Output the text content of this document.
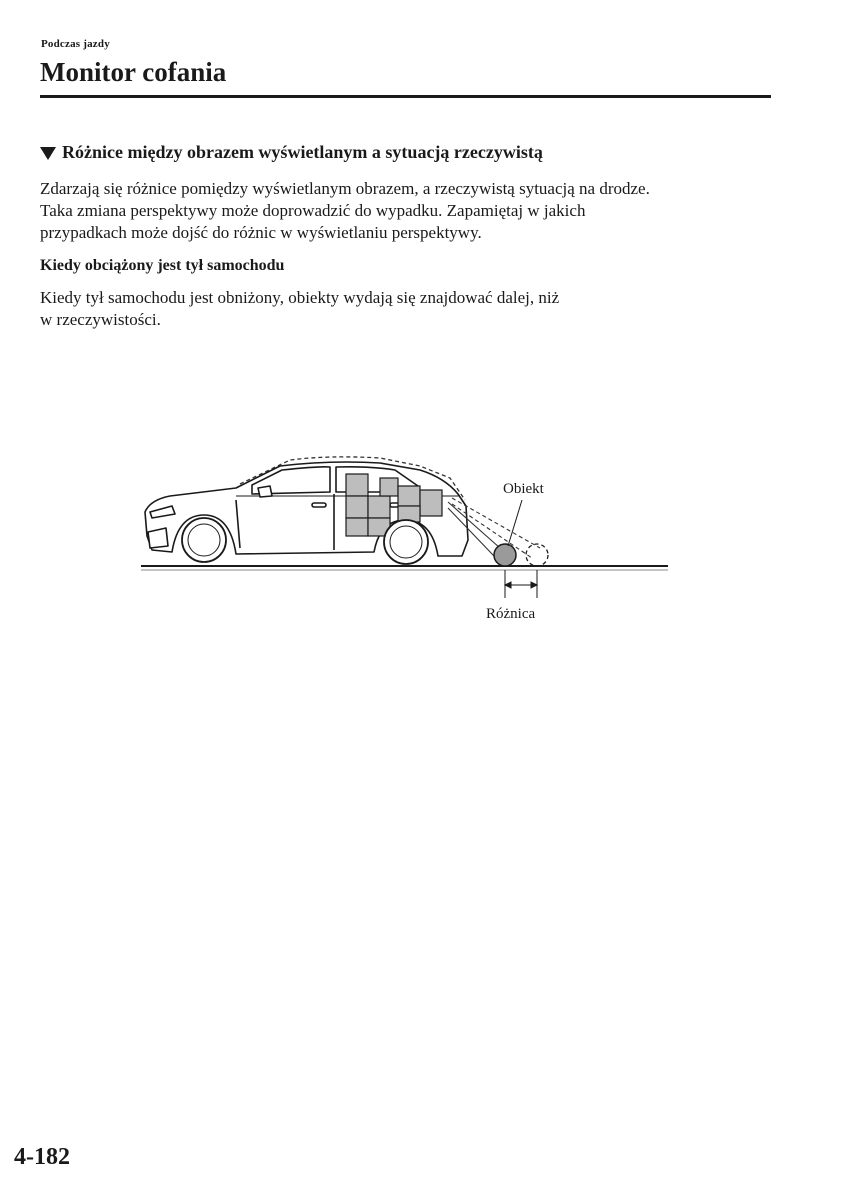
Podczas jazdy
Monitor cofania
Różnice między obrazem wyświetlanym a sytuacją rzeczywistą

Zdarzają się różnice pomiędzy wyświetlanym obrazem, a rzeczywistą sytuacją na drodze.
Taka zmiana perspektywy może doprowadzić do wypadku. Zapamiętaj w jakich
przypadkach może dojść do różnic w wyświetlaniu perspektywy.

Kiedy obciążony jest tył samochodu

Kiedy tył samochodu jest obniżony, obiekty wydają się znajdować dalej, niż
w rzeczywistości.

Obiekt
Różnica
4-182
